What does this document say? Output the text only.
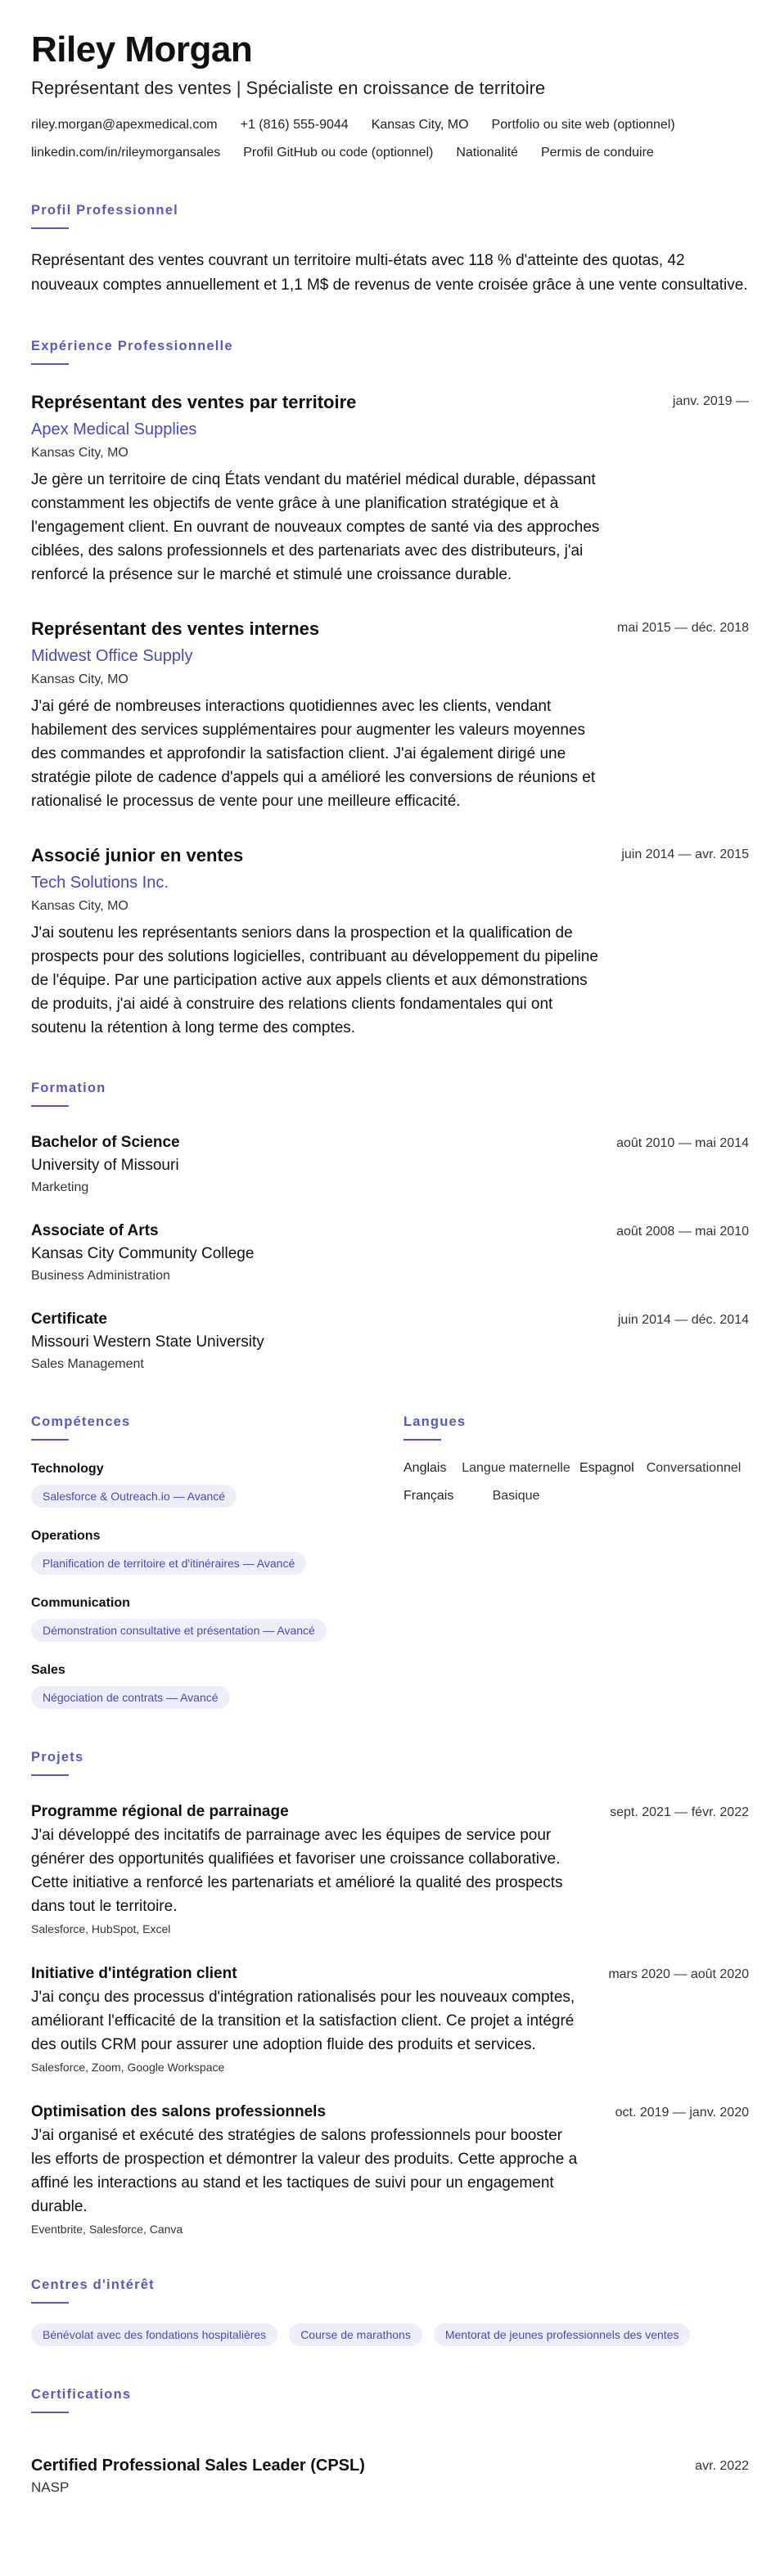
Riley Morgan
Représentant des ventes | Spécialiste en croissance de territoire
riley.morgan@apexmedical.com +1 (816) 555-9044 Kansas City, MO Portfolio ou site web (optionnel)
linkedin.com/in/rileymorgansales Profil GitHub ou code (optionnel) Nationalité Permis de conduire
Profil Professionnel
Représentant des ventes couvrant un territoire multi-états avec 118 % d'atteinte des quotas, 42 nouveaux comptes annuellement et 1,1 M$ de revenus de vente croisée grâce à une vente consultative.
Expérience Professionnelle
Représentant des ventes par territoire
Apex Medical Supplies
Kansas City, MO
Je gère un territoire de cinq États vendant du matériel médical durable, dépassant constamment les objectifs de vente grâce à une planification stratégique et à l'engagement client. En ouvrant de nouveaux comptes de santé via des approches ciblées, des salons professionnels et des partenariats avec des distributeurs, j'ai renforcé la présence sur le marché et stimulé une croissance durable.
janv. 2019 —
Représentant des ventes internes
Midwest Office Supply
Kansas City, MO
J'ai géré de nombreuses interactions quotidiennes avec les clients, vendant habilement des services supplémentaires pour augmenter les valeurs moyennes des commandes et approfondir la satisfaction client. J'ai également dirigé une stratégie pilote de cadence d'appels qui a amélioré les conversions de réunions et rationalisé le processus de vente pour une meilleure efficacité.
mai 2015 — déc. 2018
Associé junior en ventes
Tech Solutions Inc.
Kansas City, MO
J'ai soutenu les représentants seniors dans la prospection et la qualification de prospects pour des solutions logicielles, contribuant au développement du pipeline de l'équipe. Par une participation active aux appels clients et aux démonstrations de produits, j'ai aidé à construire des relations clients fondamentales qui ont soutenu la rétention à long terme des comptes.
juin 2014 — avr. 2015
Formation
Bachelor of Science
University of Missouri
Marketing
août 2010 — mai 2014
Associate of Arts
Kansas City Community College
Business Administration
août 2008 — mai 2010
Certificate
Missouri Western State University
Sales Management
juin 2014 — déc. 2014
Compétences
Technology
Salesforce & Outreach.io — Avancé
Operations
Planification de territoire et d'itinéraires — Avancé
Communication
Démonstration consultative et présentation — Avancé
Sales
Négociation de contrats — Avancé
Langues
Anglais	Langue maternelle Espagnol Conversationnel
Français	Basique
Projets
Programme régional de parrainage
J'ai développé des incitatifs de parrainage avec les équipes de service pour générer des opportunités qualifiées et favoriser une croissance collaborative. Cette initiative a renforcé les partenariats et amélioré la qualité des prospects dans tout le territoire.
Salesforce, HubSpot, Excel
sept. 2021 — févr. 2022
Initiative d'intégration client
J'ai conçu des processus d'intégration rationalisés pour les nouveaux comptes, améliorant l'efficacité de la transition et la satisfaction client. Ce projet a intégré des outils CRM pour assurer une adoption fluide des produits et services.
Salesforce, Zoom, Google Workspace
mars 2020 — août 2020
Optimisation des salons professionnels
J'ai organisé et exécuté des stratégies de salons professionnels pour booster les efforts de prospection et démontrer la valeur des produits. Cette approche a affiné les interactions au stand et les tactiques de suivi pour un engagement durable.
Eventbrite, Salesforce, Canva
oct. 2019 — janv. 2020
Centres d'intérêt
Bénévolat avec des fondations hospitalières	Course de marathons	Mentorat de jeunes professionnels des ventes
Certifications
Certified Professional Sales Leader (CPSL)
NASP
avr. 2022
